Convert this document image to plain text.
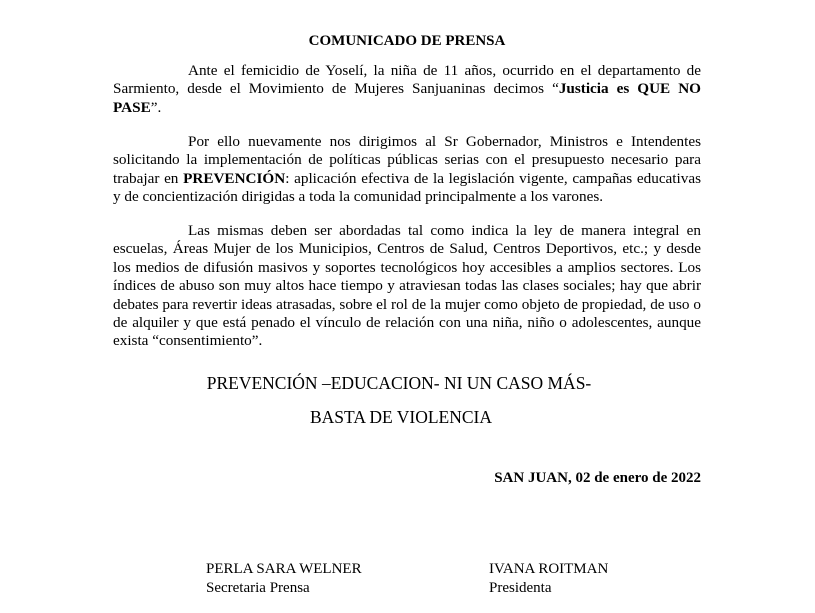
COMUNICADO DE PRENSA

Ante el femicidio de Yoselí, la niña de 11 años, ocurrido en el departamento de Sarmiento, desde el Movimiento de Mujeres Sanjuaninas decimos “Justicia es QUE NO PASE”.

Por ello nuevamente nos dirigimos al Sr Gobernador, Ministros e Intendentes solicitando la implementación de políticas públicas serias con el presupuesto necesario para trabajar en PREVENCIÓN: aplicación efectiva de la legislación vigente, campañas educativas y de concientización dirigidas a toda la comunidad principalmente a los varones.

Las mismas deben ser abordadas tal como indica la ley de manera integral en escuelas, Áreas Mujer de los Municipios, Centros de Salud, Centros Deportivos, etc.; y desde los medios de difusión masivos y soportes tecnológicos hoy accesibles a amplios sectores. Los índices de abuso son muy altos hace tiempo y atraviesan todas las clases sociales; hay que abrir debates para revertir ideas atrasadas, sobre el rol de la mujer como objeto de propiedad, de uso o de alquiler y que está penado el vínculo de relación con una niña, niño o adolescentes, aunque exista “consentimiento”.

PREVENCIÓN –EDUCACION- NI UN CASO MÁS-
BASTA DE VIOLENCIA
SAN JUAN, 02 de enero de 2022
PERLA SARA WELNER
Secretaria Prensa
IVANA ROITMAN
Presidenta
